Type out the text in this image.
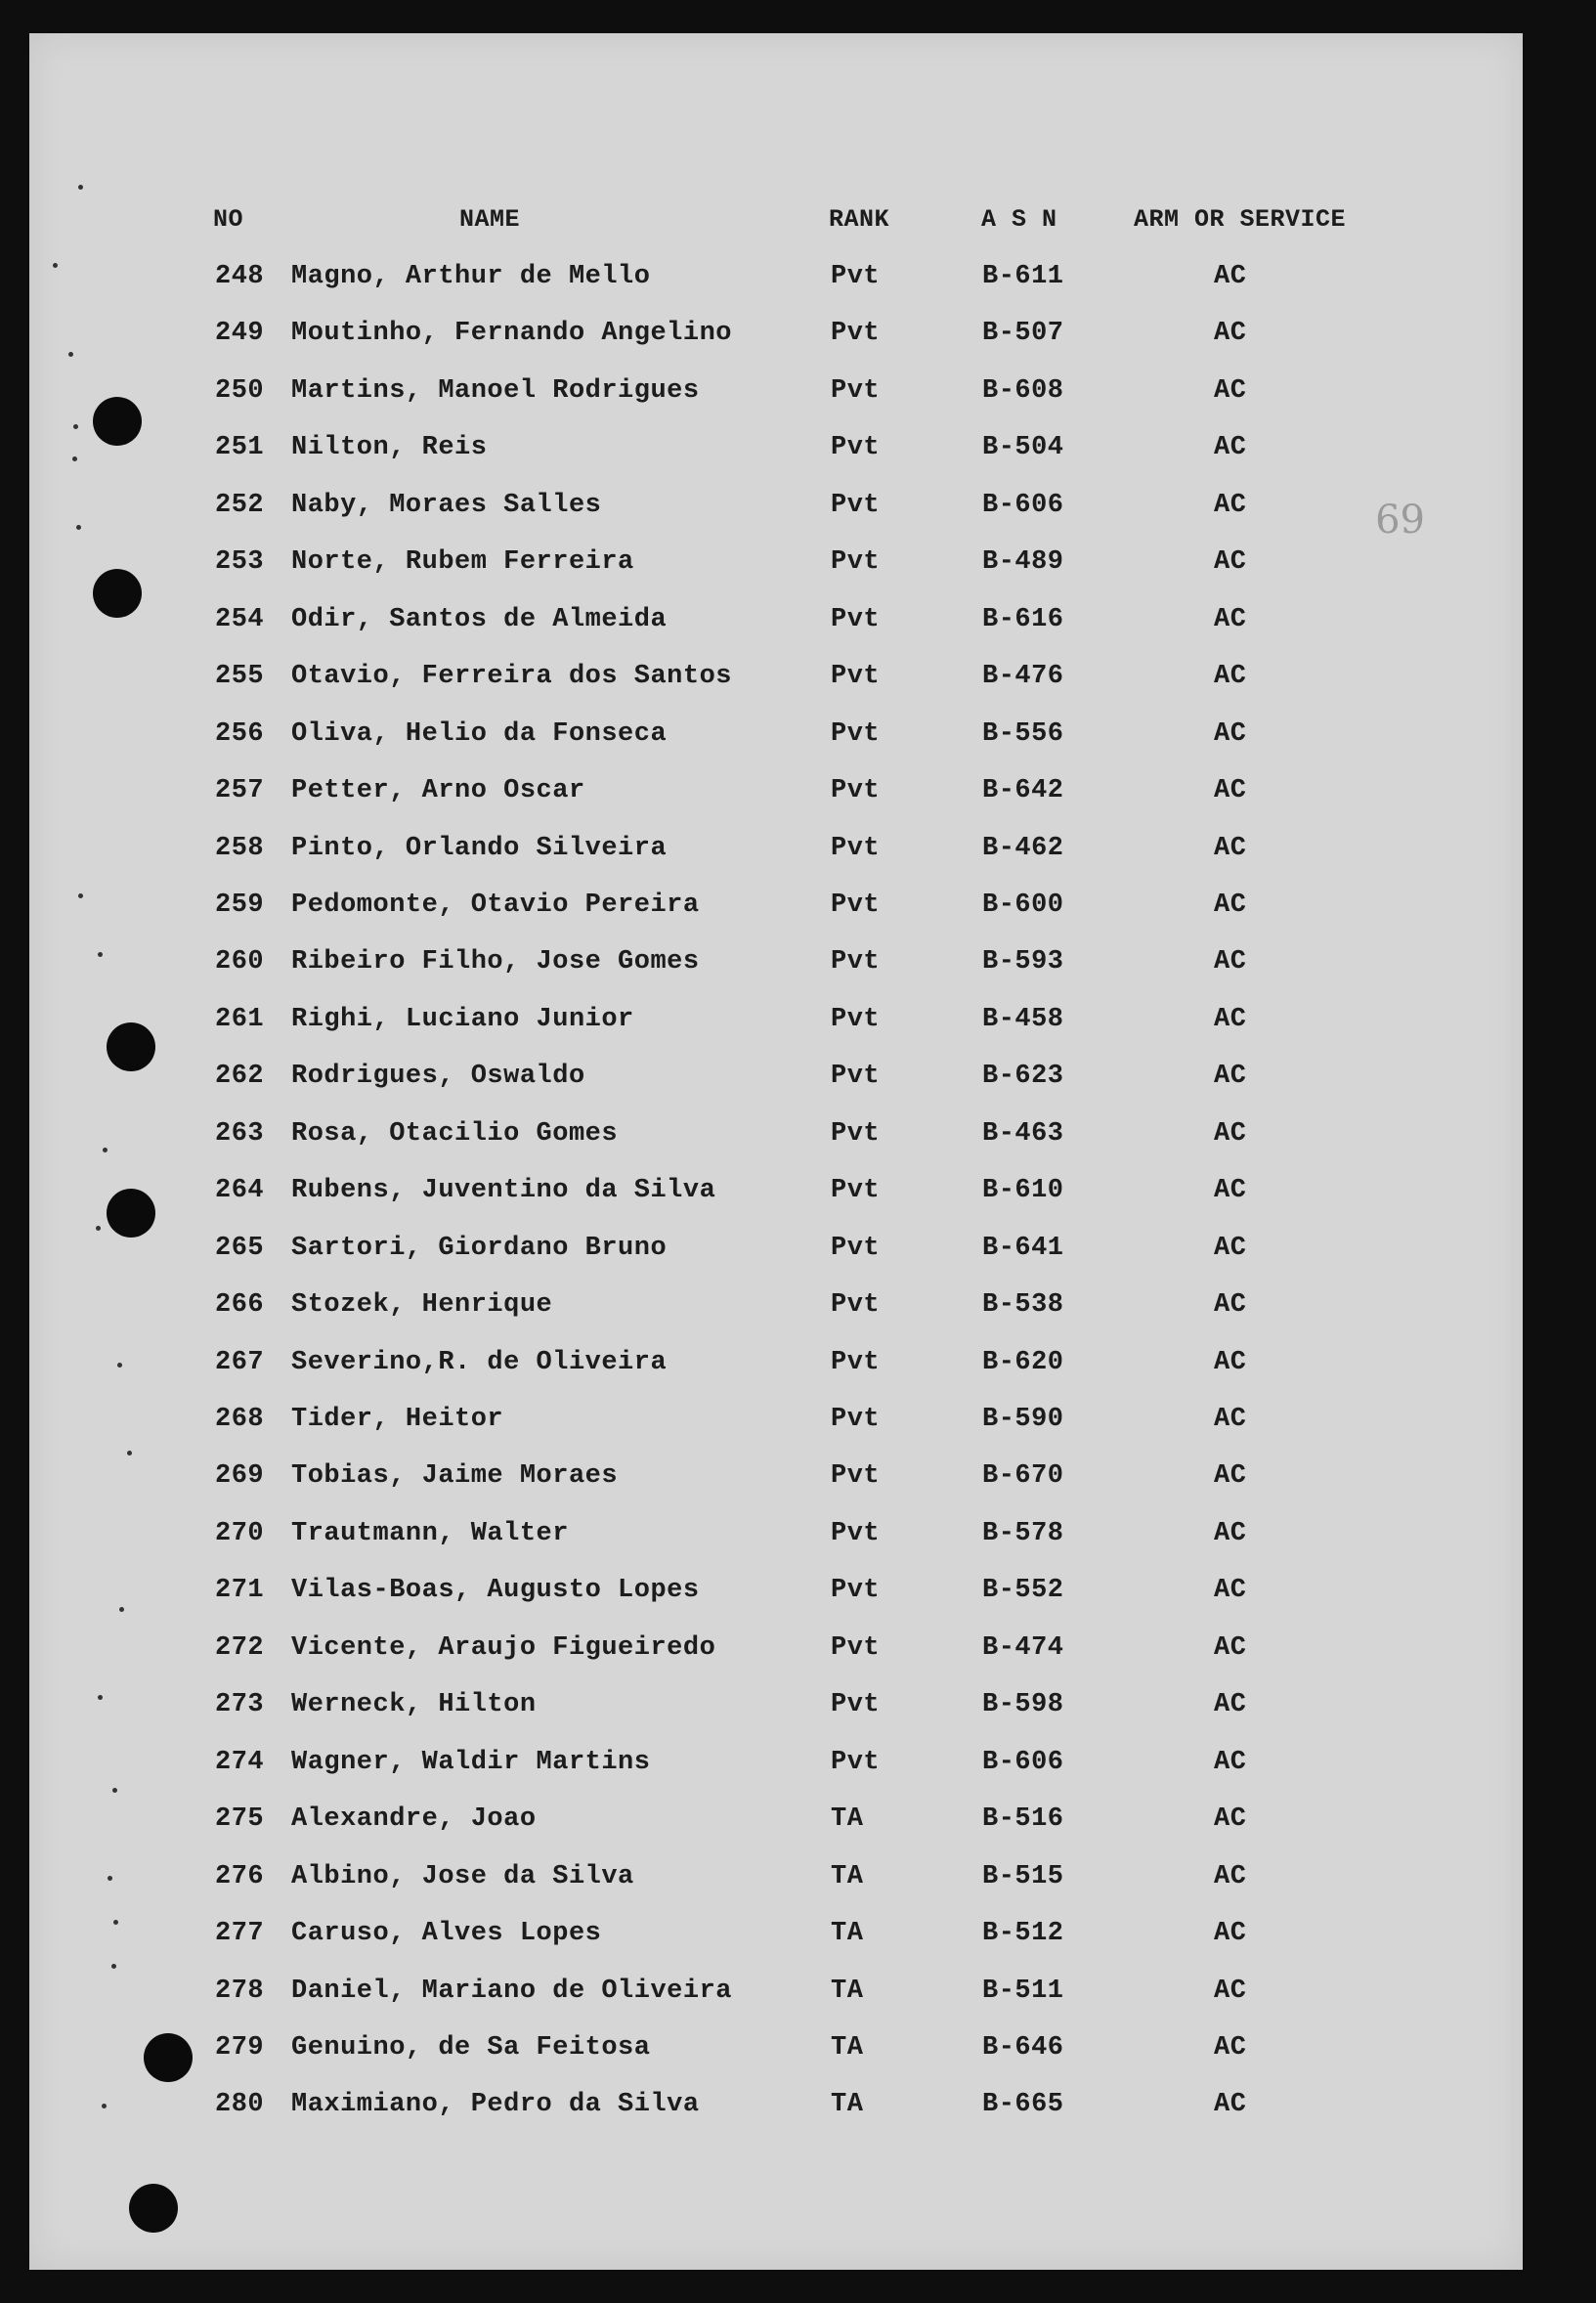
69
NO	NAME	RANK	A S N	ARM OR SERVICE
248 Magno, Arthur de Mello	Pvt	B-611	AC
249 Moutinho, Fernando Angelino	Pvt	B-507	AC
250 Martins, Manoel Rodrigues	Pvt	B-608	AC
251 Nilton, Reis	Pvt	B-504	AC
252 Naby, Moraes Salles	Pvt	B-606	AC
253 Norte, Rubem Ferreira	Pvt	B-489	AC
254 Odir, Santos de Almeida	Pvt	B-616	AC
255 Otavio, Ferreira dos Santos	Pvt	B-476	AC
256 Oliva, Helio da Fonseca	Pvt	B-556	AC
257 Petter, Arno Oscar	Pvt	B-642	AC
258 Pinto, Orlando Silveira	Pvt	B-462	AC
259 Pedomonte, Otavio Pereira	Pvt	B-600	AC
260 Ribeiro Filho, Jose Gomes	Pvt	B-593	AC
261 Righi, Luciano Junior	Pvt	B-458	AC
262 Rodrigues, Oswaldo	Pvt	B-623	AC
263 Rosa, Otacilio Gomes	Pvt	B-463	AC
264 Rubens, Juventino da Silva	Pvt	B-610	AC
265 Sartori, Giordano Bruno	Pvt	B-641	AC
266 Stozek, Henrique	Pvt	B-538	AC
267 Severino,R. de Oliveira	Pvt	B-620	AC
268 Tider, Heitor	Pvt	B-590	AC
269 Tobias, Jaime Moraes	Pvt	B-670	AC
270 Trautmann, Walter	Pvt	B-578	AC
271 Vilas-Boas, Augusto Lopes	Pvt	B-552	AC
272 Vicente, Araujo Figueiredo	Pvt	B-474	AC
273 Werneck, Hilton	Pvt	B-598	AC
274 Wagner, Waldir Martins	Pvt	B-606	AC
275 Alexandre, Joao	TA	B-516	AC
276 Albino, Jose da Silva	TA	B-515	AC
277 Caruso, Alves Lopes	TA	B-512	AC
278 Daniel, Mariano de Oliveira	TA	B-511	AC
279 Genuino, de Sa Feitosa	TA	B-646	AC
280 Maximiano, Pedro da Silva	TA	B-665	AC
